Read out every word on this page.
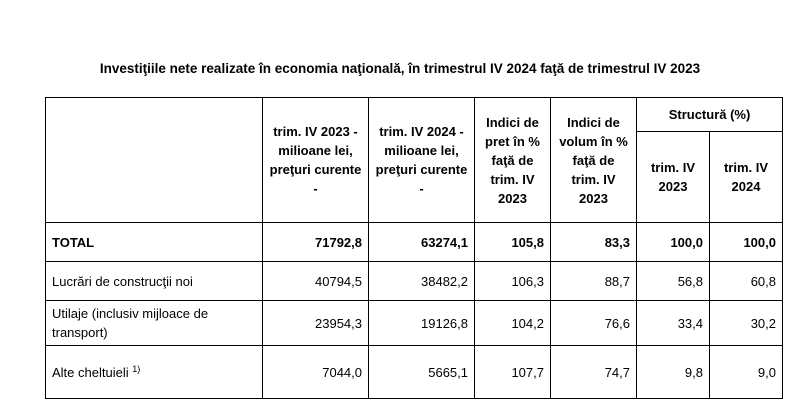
Investiţiile nete realizate în economia naţională, în trimestrul IV 2024 faţă de trimestrul IV 2023
	trim. IV 2023 - milioane lei, preţuri curente -	trim. IV 2024 - milioane lei, preţuri curente -	Indici de pret în % faţă de trim. IV 2023	Indici de volum în % faţă de trim. IV 2023	Structură (%)	
					trim. IV 2023	trim. IV 2024
TOTAL	71792,8	63274,1	105,8	83,3	100,0	100,0
Lucrări de construcţii noi	40794,5	38482,2	106,3	88,7	56,8	60,8
Utilaje (inclusiv mijloace de transport)	23954,3	19126,8	104,2	76,6	33,4	30,2
Alte cheltuieli $^{1)}$	7044,0	5665,1	107,7	74,7	9,8	9,0
